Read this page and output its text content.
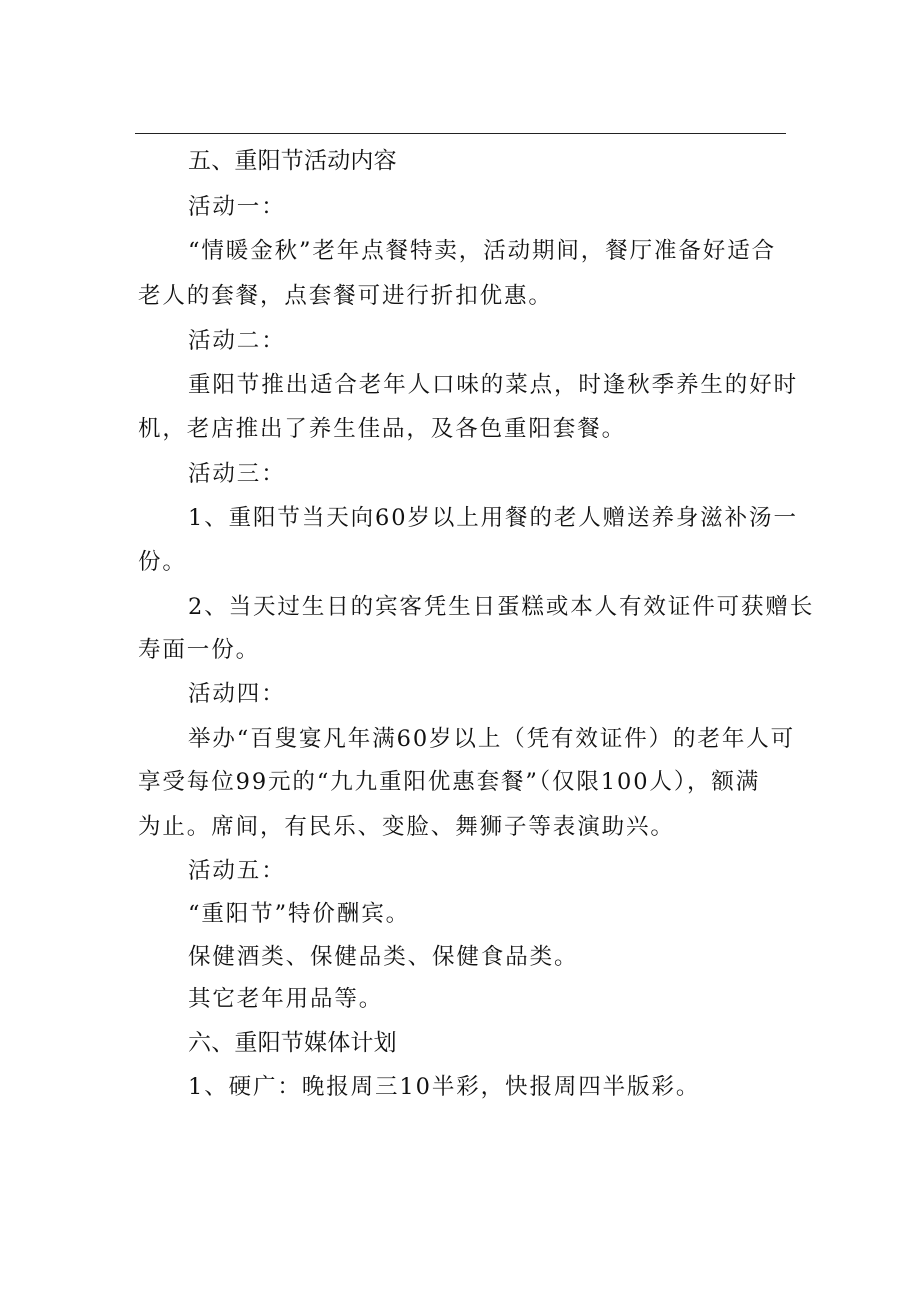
五、重阳节活动内容
活动一：
“情暖金秋”老年点餐特卖，活动期间，餐厅准备好适合
老人的套餐，点套餐可进行折扣优惠。
活动二：
重阳节推出适合老年人口味的菜点，时逢秋季养生的好时
机，老店推出了养生佳品，及各色重阳套餐。
活动三：
1、重阳节当天向60岁以上用餐的老人赠送养身滋补汤一
份。
2、当天过生日的宾客凭生日蛋糕或本人有效证件可获赠长
寿面一份。
活动四：
举办“百叟宴凡年满60岁以上（凭有效证件）的老年人可
享受每位99元的“九九重阳优惠套餐”（仅限100人），额满
为止。席间，有民乐、变脸、舞狮子等表演助兴。
活动五：
“重阳节”特价酬宾。
保健酒类、保健品类、保健食品类。
其它老年用品等。
六、重阳节媒体计划
1、硬广：晚报周三10半彩，快报周四半版彩。
